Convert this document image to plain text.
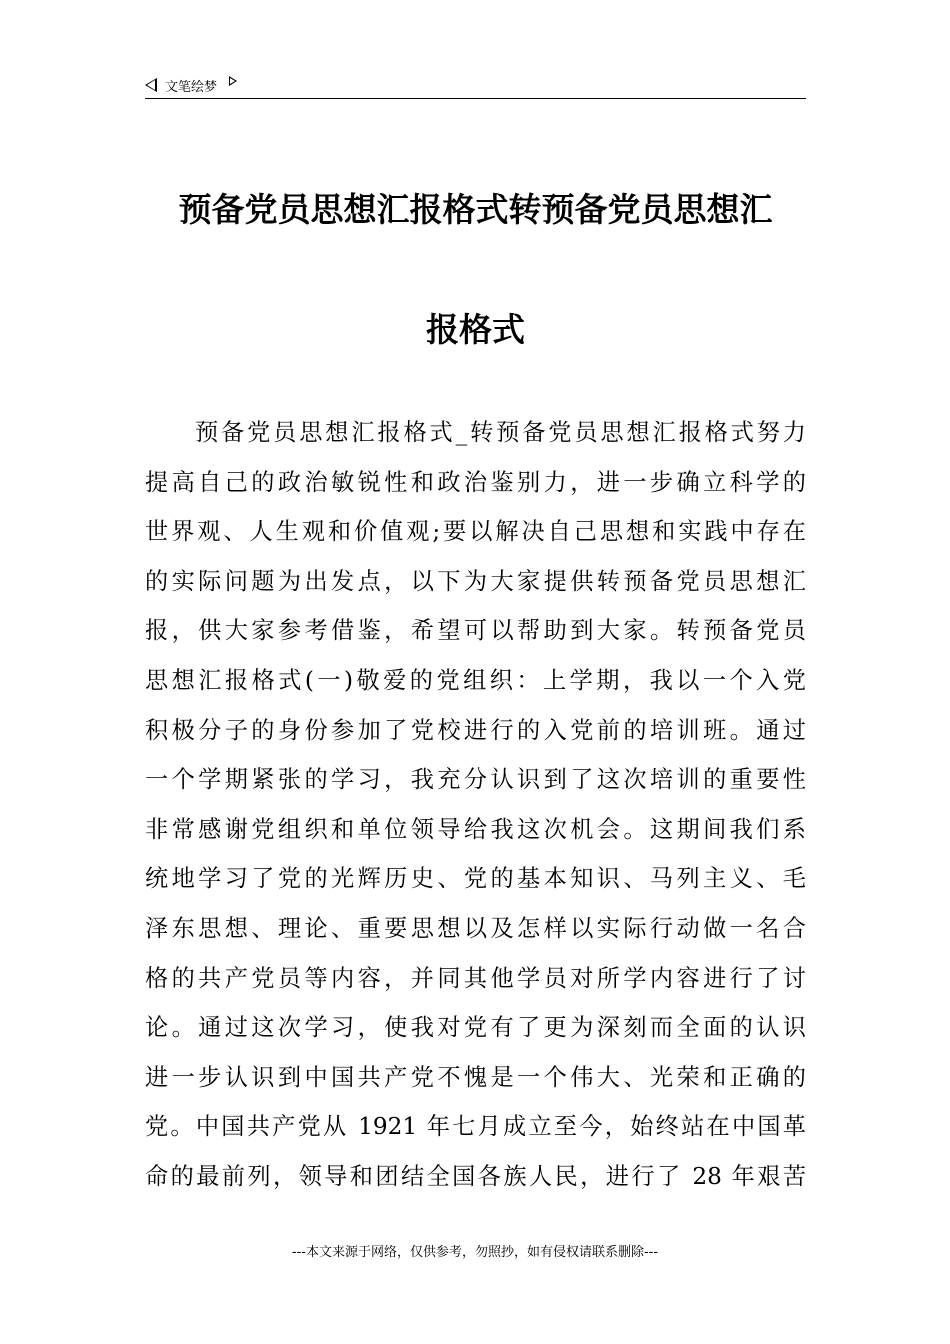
文笔绘梦
预备党员思想汇报格式转预备党员思想汇
报格式
预备党员思想汇报格式_转预备党员思想汇报格式努力
提高自己的政治敏锐性和政治鉴别力，进一步确立科学的
世界观、人生观和价值观;要以解决自己思想和实践中存在
的实际问题为出发点，以下为大家提供转预备党员思想汇
报，供大家参考借鉴，希望可以帮助到大家。转预备党员
思想汇报格式(一)敬爱的党组织：上学期，我以一个入党
积极分子的身份参加了党校进行的入党前的培训班。通过
一个学期紧张的学习，我充分认识到了这次培训的重要性
非常感谢党组织和单位领导给我这次机会。这期间我们系
统地学习了党的光辉历史、党的基本知识、马列主义、毛
泽东思想、理论、重要思想以及怎样以实际行动做一名合
格的共产党员等内容，并同其他学员对所学内容进行了讨
论。通过这次学习，使我对党有了更为深刻而全面的认识
进一步认识到中国共产党不愧是一个伟大、光荣和正确的
党。中国共产党从 1921 年七月成立至今，始终站在中国革
命的最前列，领导和团结全国各族人民，进行了 28 年艰苦
---本文来源于网络，仅供参考，勿照抄，如有侵权请联系删除---
